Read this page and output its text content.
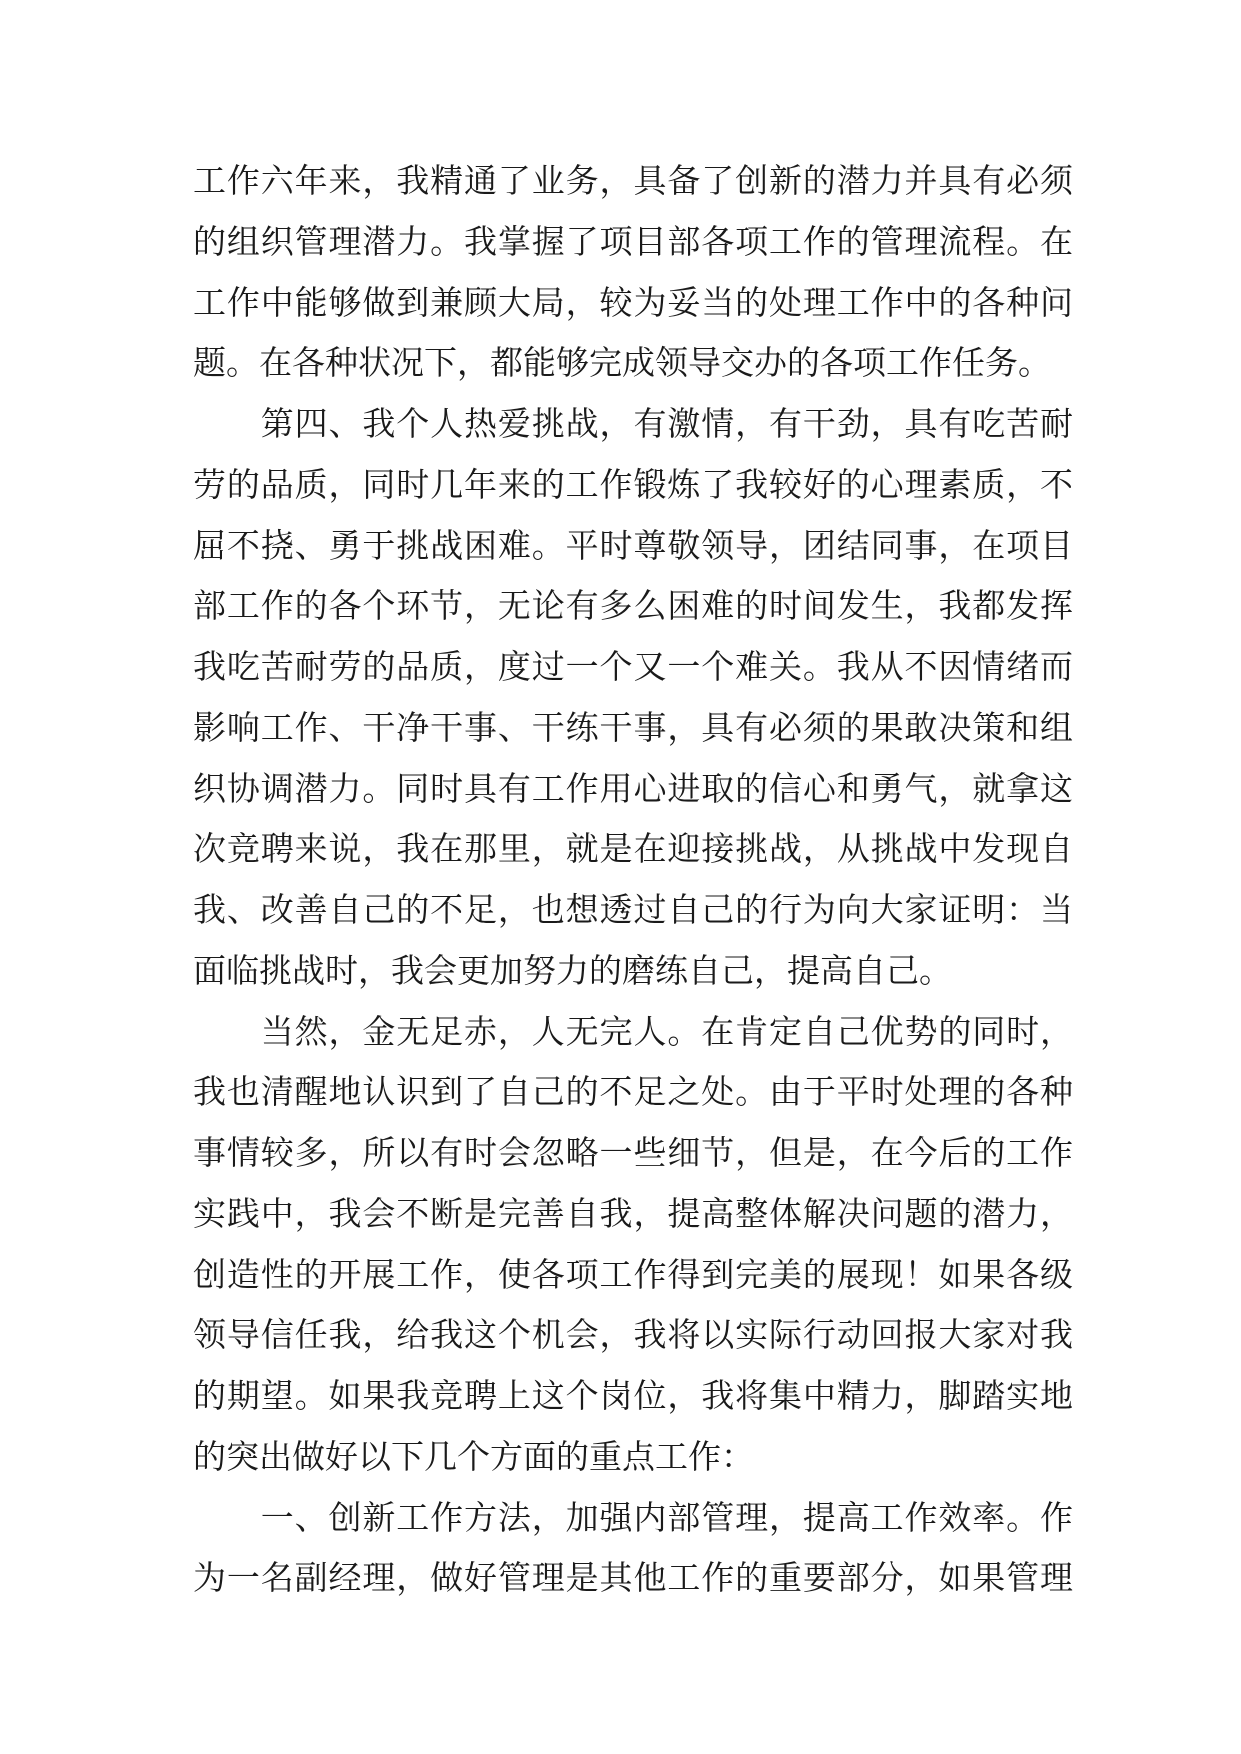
工作六年来，我精通了业务，具备了创新的潜力并具有必须
的组织管理潜力。我掌握了项目部各项工作的管理流程。在
工作中能够做到兼顾大局，较为妥当的处理工作中的各种问
题。在各种状况下，都能够完成领导交办的各项工作任务。
　　第四、我个人热爱挑战，有激情，有干劲，具有吃苦耐
劳的品质，同时几年来的工作锻炼了我较好的心理素质，不
屈不挠、勇于挑战困难。平时尊敬领导，团结同事，在项目
部工作的各个环节，无论有多么困难的时间发生，我都发挥
我吃苦耐劳的品质，度过一个又一个难关。我从不因情绪而
影响工作、干净干事、干练干事，具有必须的果敢决策和组
织协调潜力。同时具有工作用心进取的信心和勇气，就拿这
次竞聘来说，我在那里，就是在迎接挑战，从挑战中发现自
我、改善自己的不足，也想透过自己的行为向大家证明：当
面临挑战时，我会更加努力的磨练自己，提高自己。
　　当然，金无足赤，人无完人。在肯定自己优势的同时，
我也清醒地认识到了自己的不足之处。由于平时处理的各种
事情较多，所以有时会忽略一些细节，但是，在今后的工作
实践中，我会不断是完善自我，提高整体解决问题的潜力，
创造性的开展工作，使各项工作得到完美的展现！如果各级
领导信任我，给我这个机会，我将以实际行动回报大家对我
的期望。如果我竞聘上这个岗位，我将集中精力，脚踏实地
的突出做好以下几个方面的重点工作：
　　一、创新工作方法，加强内部管理，提高工作效率。作
为一名副经理，做好管理是其他工作的重要部分，如果管理
